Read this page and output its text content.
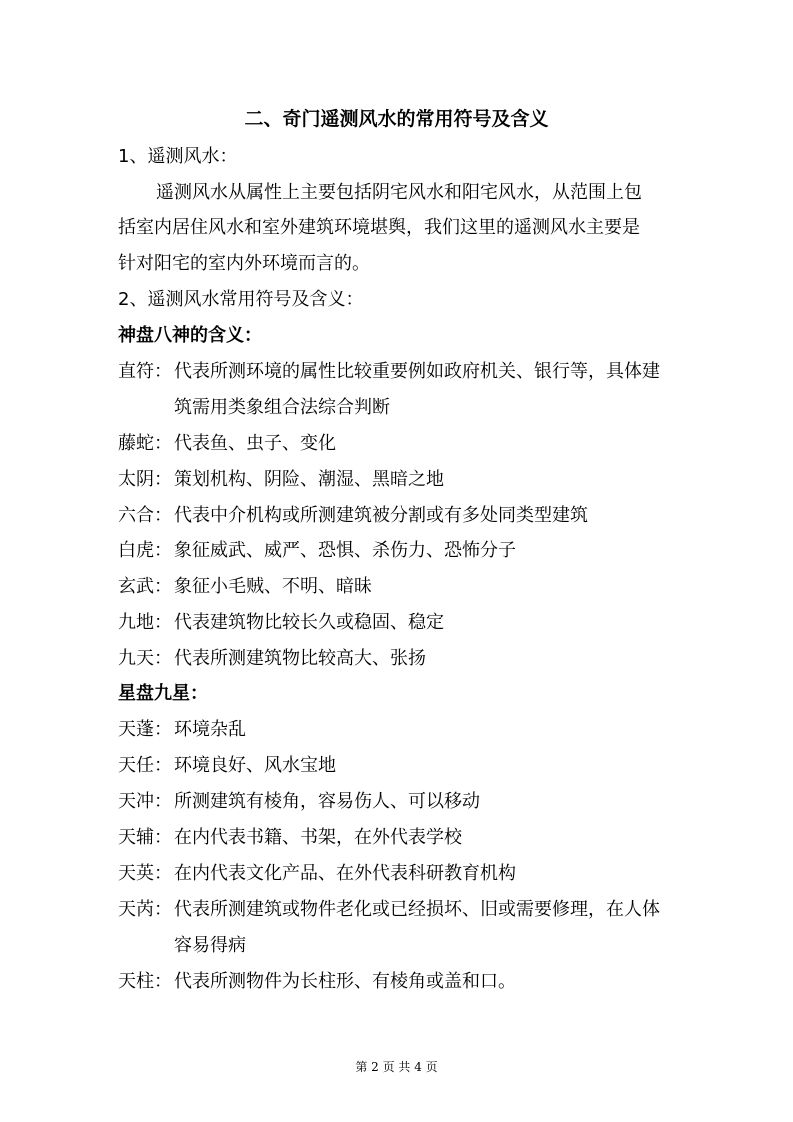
二、奇门遥测风水的常用符号及含义
1、遥测风水：
遥测风水从属性上主要包括阴宅风水和阳宅风水，从范围上包
括室内居住风水和室外建筑环境堪舆，我们这里的遥测风水主要是
针对阳宅的室内外环境而言的。
2、遥测风水常用符号及含义：
神盘八神的含义：
直符： 代表所测环境的属性比较重要例如政府机关、银行等，具体建筑需用类象组合法综合判断
藤蛇： 代表鱼、虫子、变化
太阴： 策划机构、阴险、潮湿、黑暗之地
六合： 代表中介机构或所测建筑被分割或有多处同类型建筑
白虎： 象征威武、威严、恐惧、杀伤力、恐怖分子
玄武： 象征小毛贼、不明、暗昧
九地： 代表建筑物比较长久或稳固、稳定
九天： 代表所测建筑物比较高大、张扬
星盘九星：
天蓬： 环境杂乱
天任： 环境良好、风水宝地
天冲： 所测建筑有棱角，容易伤人、可以移动
天辅： 在内代表书籍、书架，在外代表学校
天英： 在内代表文化产品、在外代表科研教育机构
天芮： 代表所测建筑或物件老化或已经损坏、旧或需要修理，在人体容易得病
天柱： 代表所测物件为长柱形、有棱角或盖和口。
第 2 页 共 4 页
